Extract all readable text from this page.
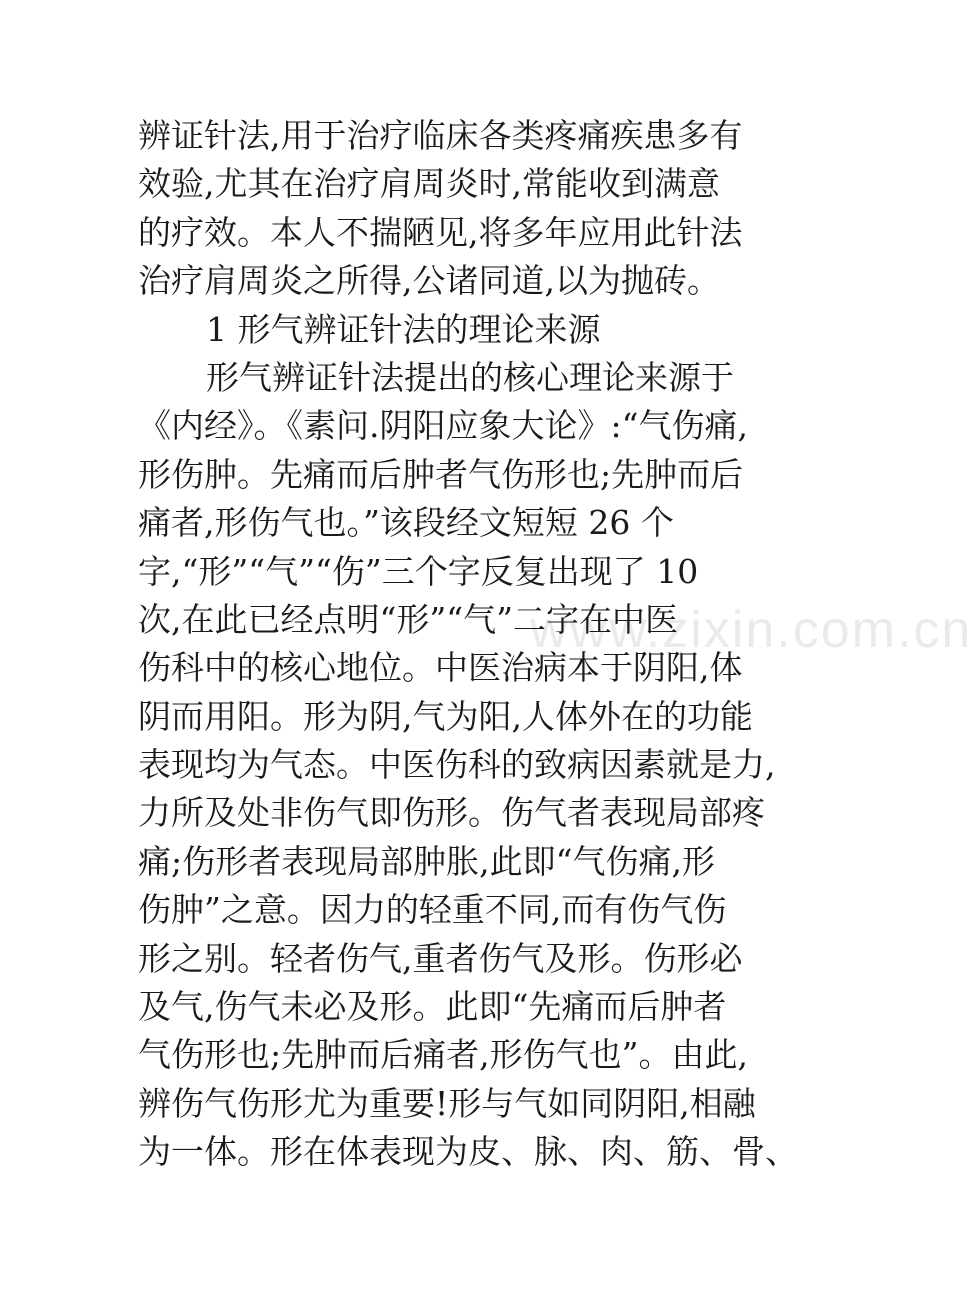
辨证针法,用于治疗临床各类疼痛疾患多有
效验,尤其在治疗肩周炎时,常能收到满意
的疗效。本人不揣陋见,将多年应用此针法
治疗肩周炎之所得,公诸同道,以为抛砖。
1 形气辨证针法的理论来源
形气辨证针法提出的核心理论来源于
《内经》。《素问.阴阳应象大论》:“气伤痛,
形伤肿。先痛而后肿者气伤形也;先肿而后
痛者,形伤气也。”该段经文短短 26 个
字,“形”“气”“伤”三个字反复出现了 10
次,在此已经点明“形”“气”二字在中医
伤科中的核心地位。中医治病本于阴阳,体
阴而用阳。形为阴,气为阳,人体外在的功能
表现均为气态。中医伤科的致病因素就是力,
力所及处非伤气即伤形。伤气者表现局部疼
痛;伤形者表现局部肿胀,此即“气伤痛,形
伤肿”之意。因力的轻重不同,而有伤气伤
形之别。轻者伤气,重者伤气及形。伤形必
及气,伤气未必及形。此即“先痛而后肿者
气伤形也;先肿而后痛者,形伤气也”。由此,
辨伤气伤形尤为重要!形与气如同阴阳,相融
为一体。形在体表现为皮、脉、肉、筋、骨、
www.zixin.com.cn
